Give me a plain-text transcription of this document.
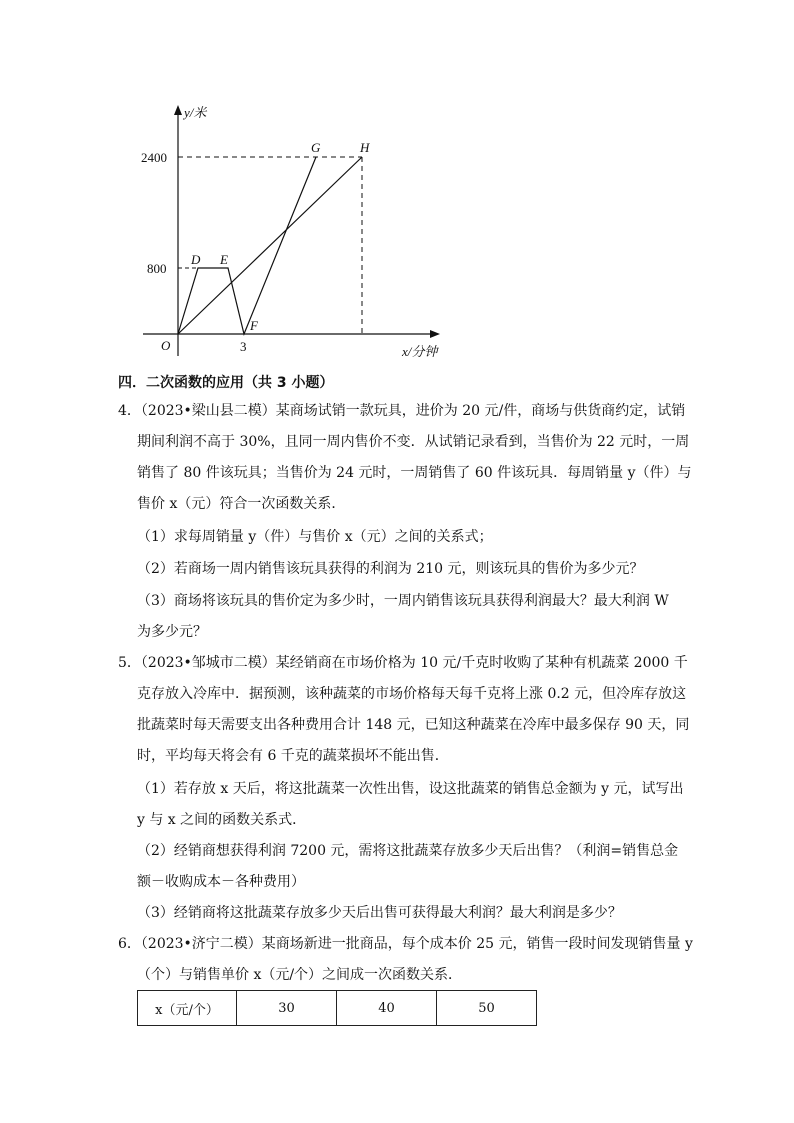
y/米
x/分钟
O
2400
800
3
D E
F
G	H
四．二次函数的应用（共 3 小题）
4．（2023•梁山县二模）某商场试销一款玩具，进价为 20 元/件，商场与供货商约定，试销
期间利润不高于 30%，且同一周内售价不变．从试销记录看到，当售价为 22 元时，一周
销售了 80 件该玩具；当售价为 24 元时，一周销售了 60 件该玩具．每周销量 y（件）与
售价 x（元）符合一次函数关系．
（1）求每周销量 y（件）与售价 x（元）之间的关系式；
（2）若商场一周内销售该玩具获得的利润为 210 元，则该玩具的售价为多少元？
（3）商场将该玩具的售价定为多少时，一周内销售该玩具获得利润最大？最大利润 W
为多少元？
5．（2023•邹城市二模）某经销商在市场价格为 10 元/千克时收购了某种有机蔬菜 2000 千
克存放入冷库中．据预测，该种蔬菜的市场价格每天每千克将上涨 0.2 元，但冷库存放这
批蔬菜时每天需要支出各种费用合计 148 元，已知这种蔬菜在冷库中最多保存 90 天，同
时，平均每天将会有 6 千克的蔬菜损坏不能出售．
（1）若存放 x 天后，将这批蔬菜一次性出售，设这批蔬菜的销售总金额为 y 元，试写出
y 与 x 之间的函数关系式．
（2）经销商想获得利润 7200 元，需将这批蔬菜存放多少天后出售？（利润=销售总金
额－收购成本－各种费用）
（3）经销商将这批蔬菜存放多少天后出售可获得最大利润？最大利润是多少？
6．（2023•济宁二模）某商场新进一批商品，每个成本价 25 元，销售一段时间发现销售量 y
（个）与销售单价 x（元/个）之间成一次函数关系．
x（元/个）	30	40	50
